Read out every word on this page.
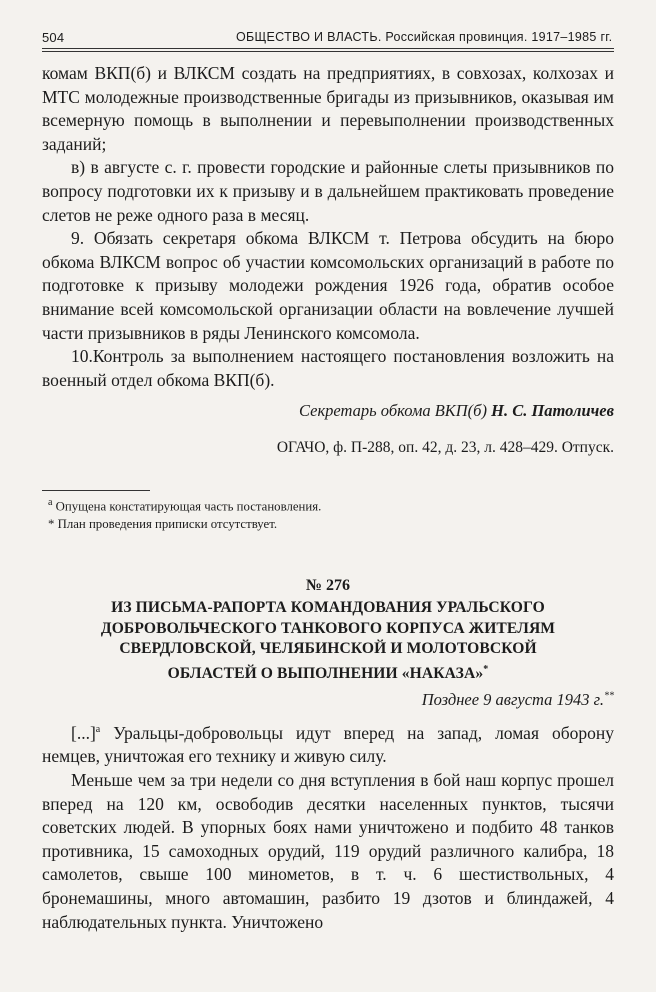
504	ОБЩЕСТВО И ВЛАСТЬ. Российская провинция. 1917–1985 гг.

комам ВКП(б) и ВЛКСМ создать на предприятиях, в совхозах, колхозах и МТС молодежные производственные бригады из призывников, оказывая им всемерную помощь в выполнении и перевыполнении производственных заданий;

в) в августе с. г. провести городские и районные слеты призывников по вопросу подготовки их к призыву и в дальнейшем практиковать проведение слетов не реже одного раза в месяц.

9. Обязать секретаря обкома ВЛКСМ т. Петрова обсудить на бюро обкома ВЛКСМ вопрос об участии комсомольских организаций в работе по подготовке к призыву молодежи рождения 1926 года, обратив особое внимание всей комсомольской организации области на вовлечение лучшей части призывников в ряды Ленинского комсомола.

10.Контроль за выполнением настоящего постановления возложить на военный отдел обкома ВКП(б).

Секретарь обкома ВКП(б) Н. С. Патоличев
ОГАЧО, ф. П-288, оп. 42, д. 23, л. 428–429. Отпуск.
$^а$ Опущена констатирующая часть постановления.
* План проведения приписки отсутствует.
№ 276
ИЗ ПИСЬМА-РАПОРТА КОМАНДОВАНИЯ УРАЛЬСКОГО
ДОБРОВОЛЬЧЕСКОГО ТАНКОВОГО КОРПУСА ЖИТЕЛЯМ
СВЕРДЛОВСКОЙ, ЧЕЛЯБИНСКОЙ И МОЛОТОВСКОЙ
ОБЛАСТЕЙ О ВЫПОЛНЕНИИ «НАКАЗА»*
Позднее 9 августа 1943 г.**

[...]$^а$ Уральцы-добровольцы идут вперед на запад, ломая оборону немцев, уничтожая его технику и живую силу.

Меньше чем за три недели со дня вступления в бой наш корпус прошел вперед на 120 км, освободив десятки населенных пунктов, тысячи советских людей. В упорных боях нами уничтожено и подбито 48 танков противника, 15 самоходных орудий, 119 орудий различного калибра, 18 самолетов, свыше 100 минометов, в т. ч. 6 шестиствольных, 4 бронемашины, много автомашин, разбито 19 дзотов и блиндажей, 4 наблюдательных пункта. Уничтожено
